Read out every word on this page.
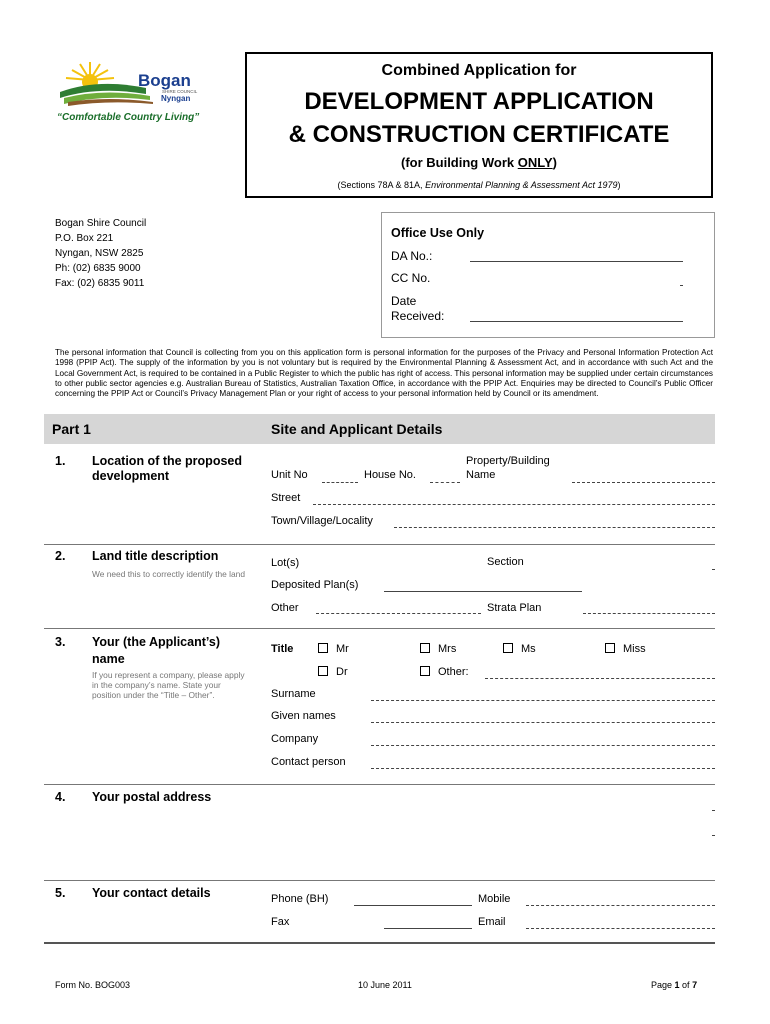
Bogan
SHIRE COUNCIL
Nyngan
“Comfortable Country Living”
Combined Application for
DEVELOPMENT APPLICATION
& CONSTRUCTION CERTIFICATE
(for Building Work ONLY)
(Sections 78A & 81A, Environmental Planning & Assessment Act 1979)
Bogan Shire Council
P.O. Box 221
Nyngan, NSW 2825
Ph: (02) 6835 9000
Fax: (02) 6835 9011
Office Use Only
DA No.:
CC No.
Date
Received:
The personal information that Council is collecting from you on this application form is personal information for the purposes of the Privacy and Personal Information Protection Act 1998 (PPIP Act). The supply of the information by you is not voluntary but is required by the Environmental Planning & Assessment Act, and in accordance with such Act and the Local Government Act, is required to be contained in a Public Register to which the public has right of access. This personal information may be supplied under certain circumstances to other public sector agencies e.g. Australian Bureau of Statistics, Australian Taxation Office, in accordance with the PPIP Act. Enquiries may be directed to Council’s Public Officer concerning the PPIP Act or Council’s Privacy Management Plan or your right of access to your personal information held by Council or its amendment.
Part 1	Site and Applicant Details
1. Location of the proposed
development	Unit No	House No.
Property/Building
Name
Street
Town/Village/Locality
2. Land title description
We need this to correctly identify the land
Lot(s)	Section
Deposited Plan(s)
Other	Strata Plan
3. Your (the Applicant’s)
name
If you represent a company, please apply
in the company’s name. State your
position under the “Title – Other”.
Title	Mr	Mrs	Ms	Miss
Dr	Other:
Surname
Given names
Company
Contact person
4. Your postal address
5. Your contact details	Phone (BH)	Mobile
Fax	Email
Form No. BOG003	10 June 2011	Page 1 of 7
